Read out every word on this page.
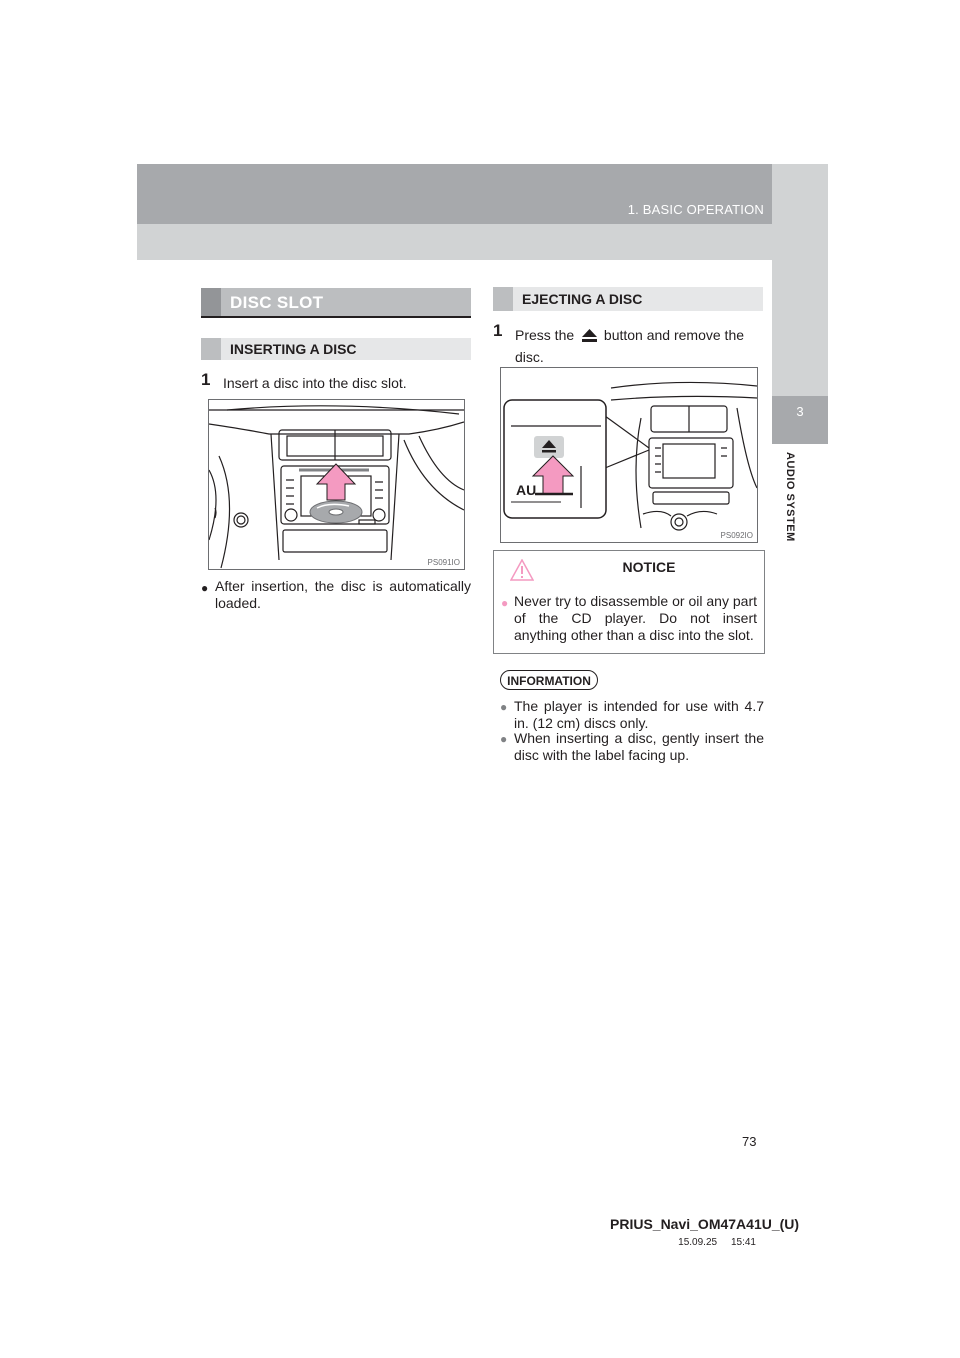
1. BASIC OPERATION
3
AUDIO SYSTEM
DISC SLOT
INSERTING A DISC
1 Insert a disc into the disc slot.
PS091IO
● After insertion, the disc is automatically loaded.
EJECTING A DISC
1 Press the button and remove the disc.
AU
PS092IO
NOTICE
● Never try to disassemble or oil any part of the CD player. Do not insert anything other than a disc into the slot.
INFORMATION
● The player is intended for use with 4.7 in. (12 cm) discs only.
● When inserting a disc, gently insert the disc with the label facing up.
73
PRIUS_Navi_OM47A41U_(U)
15.09.25     15:41
